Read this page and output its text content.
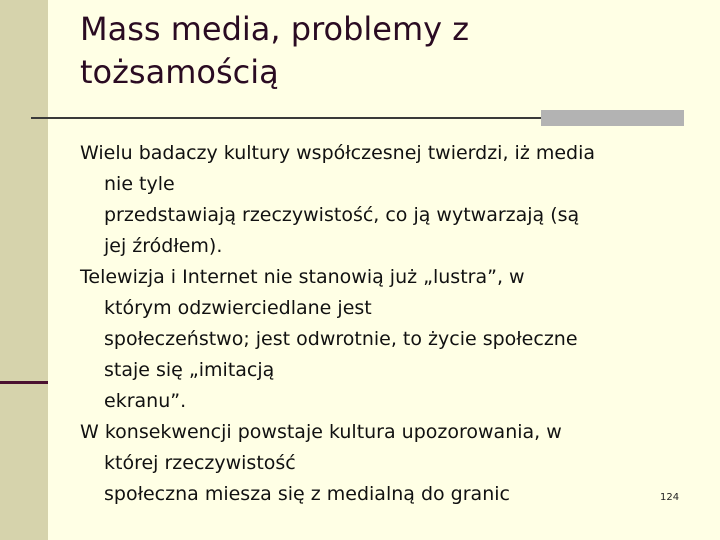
Mass media, problemy z
tożsamością
Wielu badaczy kultury współczesnej twierdzi, iż media
nie tyle
przedstawiają rzeczywistość, co ją wytwarzają (są
jej źródłem).
Telewizja i Internet nie stanowią już „lustra”, w
którym odzwierciedlane jest
społeczeństwo; jest odwrotnie, to życie społeczne
staje się „imitacją
ekranu”.
W konsekwencji powstaje kultura upozorowania, w
której rzeczywistość
społeczna miesza się z medialną do granic	124
